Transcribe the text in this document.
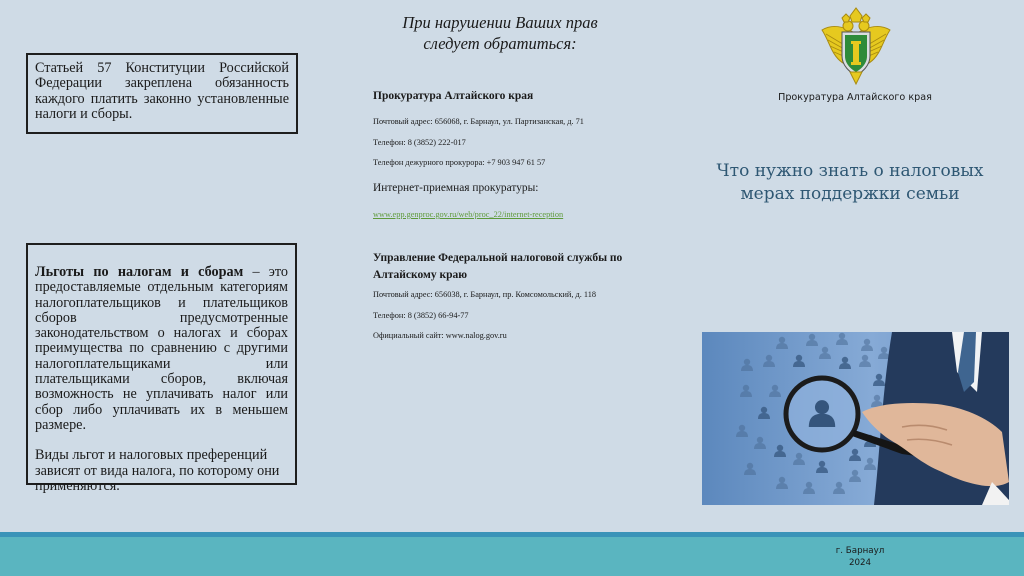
Статьей 57 Конституции Российской Федерации закреплена обязанность каждого платить законно установленные налоги и сборы.

Льготы по налогам и сборам – это предоставляемые отдельным категориям налогоплательщиков и плательщиков сборов предусмотренные законодательством о налогах и сборах преимущества по сравнению с другими налогоплательщиками или плательщиками сборов, включая возможность не уплачивать налог или сбор либо уплачивать их в меньшем размере.

Виды льгот и налоговых преференций зависят от вида налога, по которому они применяются.

При нарушении Ваших прав
следует обратиться:
Прокуратура Алтайского края
Почтовый адрес: 656068, г. Барнаул, ул. Партизанская, д. 71
Телефон: 8 (3852) 222-017
Телефон дежурного прокурора: +7 903 947 61 57
Интернет-приемная прокуратуры:
www.epp.genproc.gov.ru/web/proc_22/internet-reception
Управление Федеральной налоговой службы по
Алтайскому краю
Почтовый адрес: 656038, г. Барнаул, пр. Комсомольский, д. 118
Телефон: 8 (3852) 66-94-77
Официальный сайт: www.nalog.gov.ru
Прокуратура Алтайского края
Что нужно знать о налоговых
мерах поддержки семьи
г. Барнаул
2024
